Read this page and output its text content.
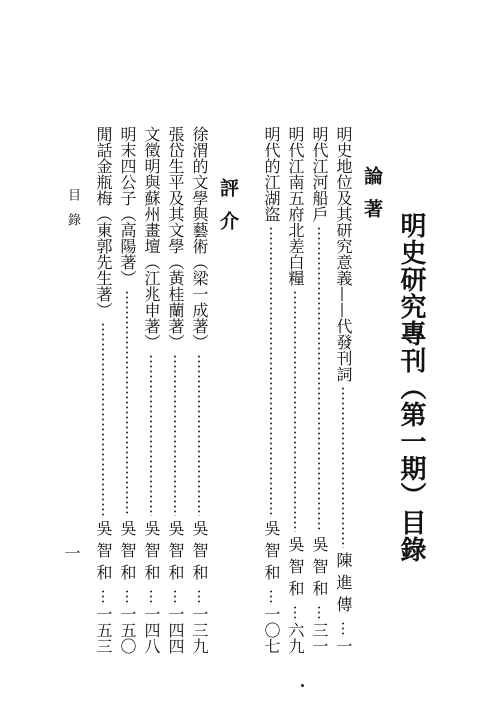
明史研究專刊（第一期）目錄
論著
明史地位及其研究意義——代發刊詞
陳進傳
一
明代江河船戶
吳智和
三一
明代江南五府北差白糧
吳智和
六九
明代的江湖盜
吳智和
一〇七
評介
徐渭的文學與藝術（梁一成著）
吳智和
一三九
張岱生平及其文學（黃桂蘭著）
吳智和
一四四
文徵明與蘇州畫壇（江兆申著）
吳智和
一四八
明末四公子（高陽著）
吳智和
一五〇
閒話金瓶梅（東郭先生著）
吳智和
一五三
目錄
一
